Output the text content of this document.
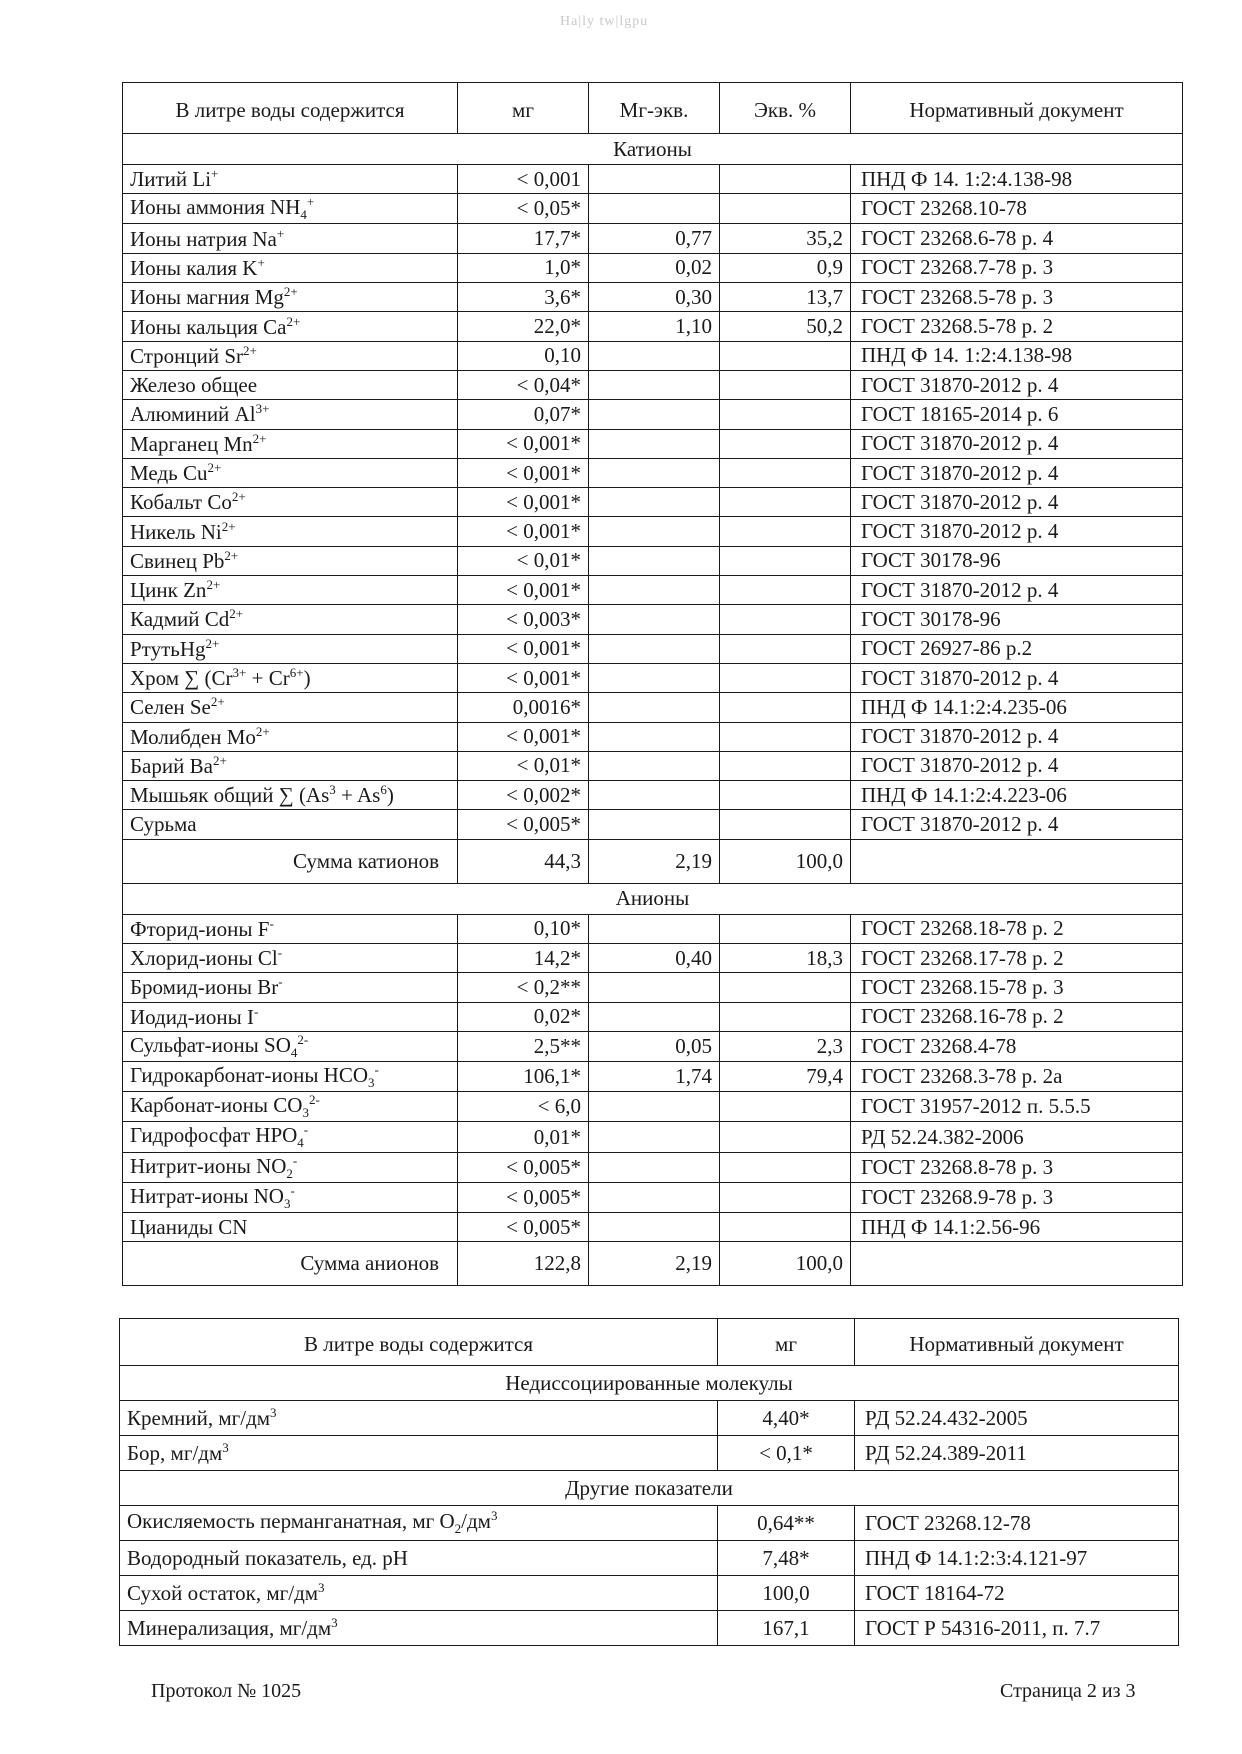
Ha|ly tw|lgpu
В литре воды содержится	мг	Мг-экв.	Экв. %	Нормативный документ
Катионы				
Литий Li+	< 0,001			ПНД Ф 14. 1:2:4.138-98
Ионы аммония $NH_4^+$	< 0,05*			ГОСТ 23268.10-78
Ионы натрия Na+	17,7*	0,77	35,2	ГОСТ 23268.6-78 р. 4
Ионы калия K+	1,0*	0,02	0,9	ГОСТ 23268.7-78 р. 3
Ионы магния $Mg^{2+}$	3,6*	0,30	13,7	ГОСТ 23268.5-78 р. 3
Ионы кальция $Ca^{2+}$	22,0*	1,10	50,2	ГОСТ 23268.5-78 р. 2
Стронций $Sr^{2+}$	0,10			ПНД Ф 14. 1:2:4.138-98
Железо общее	< 0,04*			ГОСТ 31870-2012 р. 4
Алюминий $Al^{3+}$	0,07*			ГОСТ 18165-2014 р. 6
Марганец $Mn^{2+}$	< 0,001*			ГОСТ 31870-2012 р. 4
Медь $Cu^{2+}$	< 0,001*			ГОСТ 31870-2012 р. 4
Кобальт $Co^{2+}$	< 0,001*			ГОСТ 31870-2012 р. 4
Никель $Ni^{2+}$	< 0,001*			ГОСТ 31870-2012 р. 4
Свинец $Pb^{2+}$	< 0,01*			ГОСТ 30178-96
Цинк $Zn^{2+}$	< 0,001*			ГОСТ 31870-2012 р. 4
Кадмий $Cd^{2+}$	< 0,003*			ГОСТ 30178-96
РтутьHg$^{2+}$	< 0,001*			ГОСТ 26927-86 р.2
Хром ∑ $(Cr^{3+} + Cr^{6+})$	< 0,001*			ГОСТ 31870-2012 р. 4
Селен $Se^{2+}$	0,0016*			ПНД Ф 14.1:2:4.235-06
Молибден $Mo^{2+}$	< 0,001*			ГОСТ 31870-2012 р. 4
Барий $Ba^{2+}$	< 0,01*			ГОСТ 31870-2012 р. 4
Мышьяк общий ∑ $(As^3 + As^6)$	< 0,002*			ПНД Ф 14.1:2:4.223-06
Сурьма	< 0,005*			ГОСТ 31870-2012 р. 4
Сумма катионов	44,3	2,19	100,0	
Анионы				
Фторид-ионы F-	0,10*			ГОСТ 23268.18-78 р. 2
Хлорид-ионы Cl-	14,2*	0,40	18,3	ГОСТ 23268.17-78 р. 2
Бромид-ионы Br-	< 0,2**			ГОСТ 23268.15-78 р. 3
Иодид-ионы I-	0,02*			ГОСТ 23268.16-78 р. 2
Сульфат-ионы $SO_4^{2-}$	2,5**	0,05	2,3	ГОСТ 23268.4-78
Гидрокарбонат-ионы $HCO_3^-$	106,1*	1,74	79,4	ГОСТ 23268.3-78 р. 2а
Карбонат-ионы $CO_3^{2-}$	< 6,0			ГОСТ 31957-2012 п. 5.5.5
Гидрофосфат $HPO_4^-$	0,01*			РД 52.24.382-2006
Нитрит-ионы $NO_2^-$	< 0,005*			ГОСТ 23268.8-78 р. 3
Нитрат-ионы $NO_3^-$	< 0,005*			ГОСТ 23268.9-78 р. 3
Цианиды CN	< 0,005*			ПНД Ф 14.1:2.56-96
Сумма анионов	122,8	2,19	100,0	
В литре воды содержится	мг	Нормативный документ
Недиссоциированные молекулы		
Кремний, $мг/дм^3$	4,40*	РД 52.24.432-2005
Бор, $мг/дм^3$	< 0,1*	РД 52.24.389-2011
Другие показатели		
Окисляемость перманганатная, мг $O_2/дм^3$	0,64**	ГОСТ 23268.12-78
Водородный показатель, ед. pH	7,48*	ПНД Ф 14.1:2:3:4.121-97
Сухой остаток, $мг/дм^3$	100,0	ГОСТ 18164-72
Минерализация, $мг/дм^3$	167,1	ГОСТ Р 54316-2011, п. 7.7
Протокол № 1025	Страница 2 из 3
